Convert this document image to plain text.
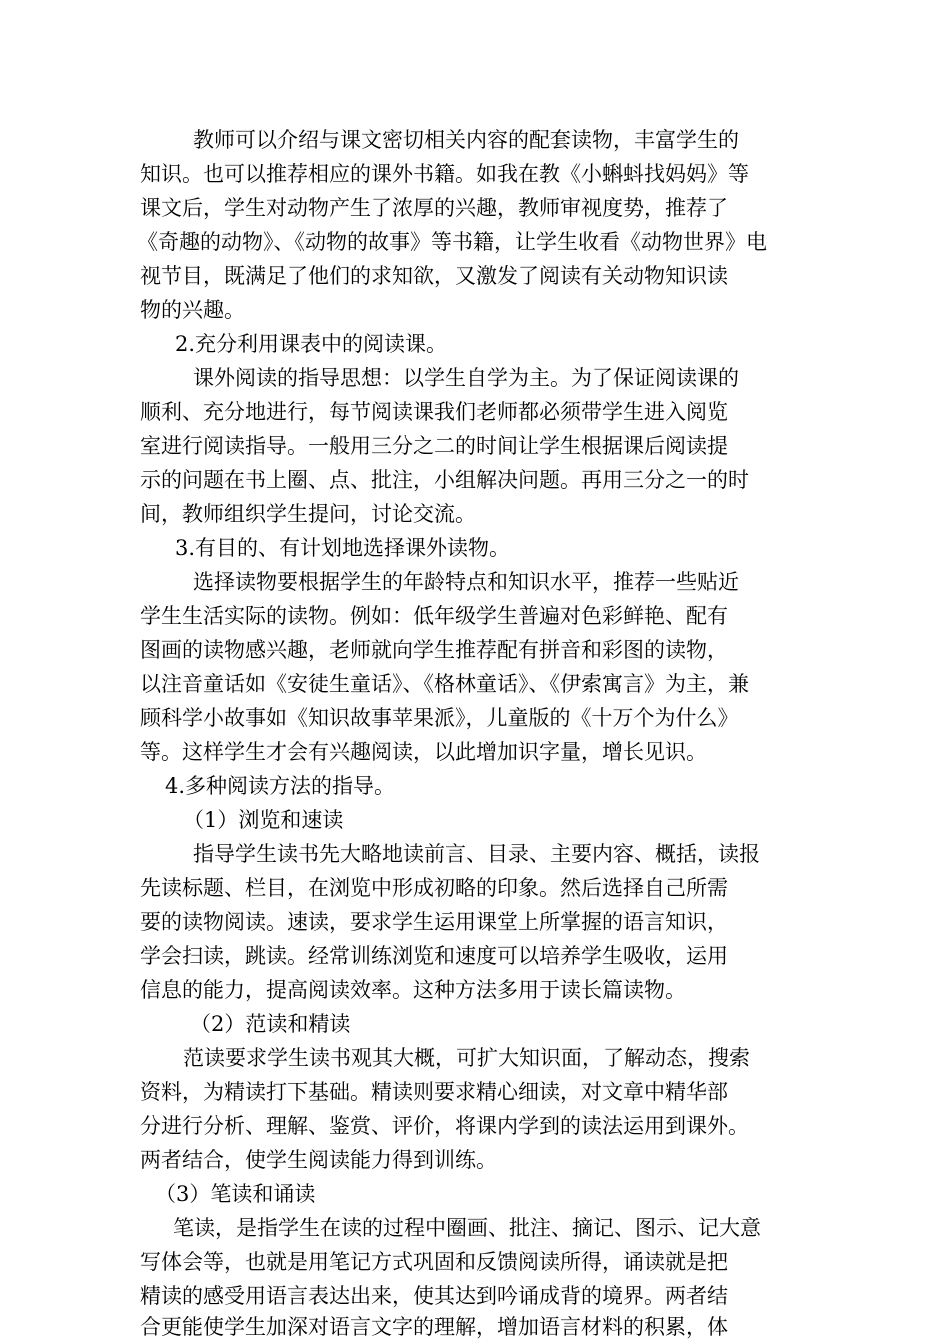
教师可以介绍与课文密切相关内容的配套读物，丰富学生的
知识。也可以推荐相应的课外书籍。如我在教《小蝌蚪找妈妈》等
课文后，学生对动物产生了浓厚的兴趣，教师审视度势，推荐了
《奇趣的动物》、《动物的故事》等书籍，让学生收看《动物世界》电
视节目，既满足了他们的求知欲，又激发了阅读有关动物知识读
物的兴趣。
2.充分利用课表中的阅读课。
课外阅读的指导思想：以学生自学为主。为了保证阅读课的
顺利、充分地进行，每节阅读课我们老师都必须带学生进入阅览
室进行阅读指导。一般用三分之二的时间让学生根据课后阅读提
示的问题在书上圈、点、批注，小组解决问题。再用三分之一的时
间，教师组织学生提问，讨论交流。
3.有目的、有计划地选择课外读物。
选择读物要根据学生的年龄特点和知识水平，推荐一些贴近
学生生活实际的读物。例如：低年级学生普遍对色彩鲜艳、配有
图画的读物感兴趣，老师就向学生推荐配有拼音和彩图的读物，
以注音童话如《安徒生童话》、《格林童话》、《伊索寓言》为主，兼
顾科学小故事如《知识故事苹果派》，儿童版的《十万个为什么》
等。这样学生才会有兴趣阅读，以此增加识字量，增长见识。
4.多种阅读方法的指导。
（1）浏览和速读
指导学生读书先大略地读前言、目录、主要内容、概括，读报
先读标题、栏目，在浏览中形成初略的印象。然后选择自己所需
要的读物阅读。速读，要求学生运用课堂上所掌握的语言知识，
学会扫读，跳读。经常训练浏览和速度可以培养学生吸收，运用
信息的能力，提高阅读效率。这种方法多用于读长篇读物。
（2）范读和精读
范读要求学生读书观其大概，可扩大知识面，了解动态，搜索
资料，为精读打下基础。精读则要求精心细读，对文章中精华部
分进行分析、理解、鉴赏、评价，将课内学到的读法运用到课外。
两者结合，使学生阅读能力得到训练。
（3）笔读和诵读
笔读，是指学生在读的过程中圈画、批注、摘记、图示、记大意
写体会等，也就是用笔记方式巩固和反馈阅读所得，诵读就是把
精读的感受用语言表达出来，使其达到吟诵成背的境界。两者结
合更能使学生加深对语言文字的理解，增加语言材料的积累，体
